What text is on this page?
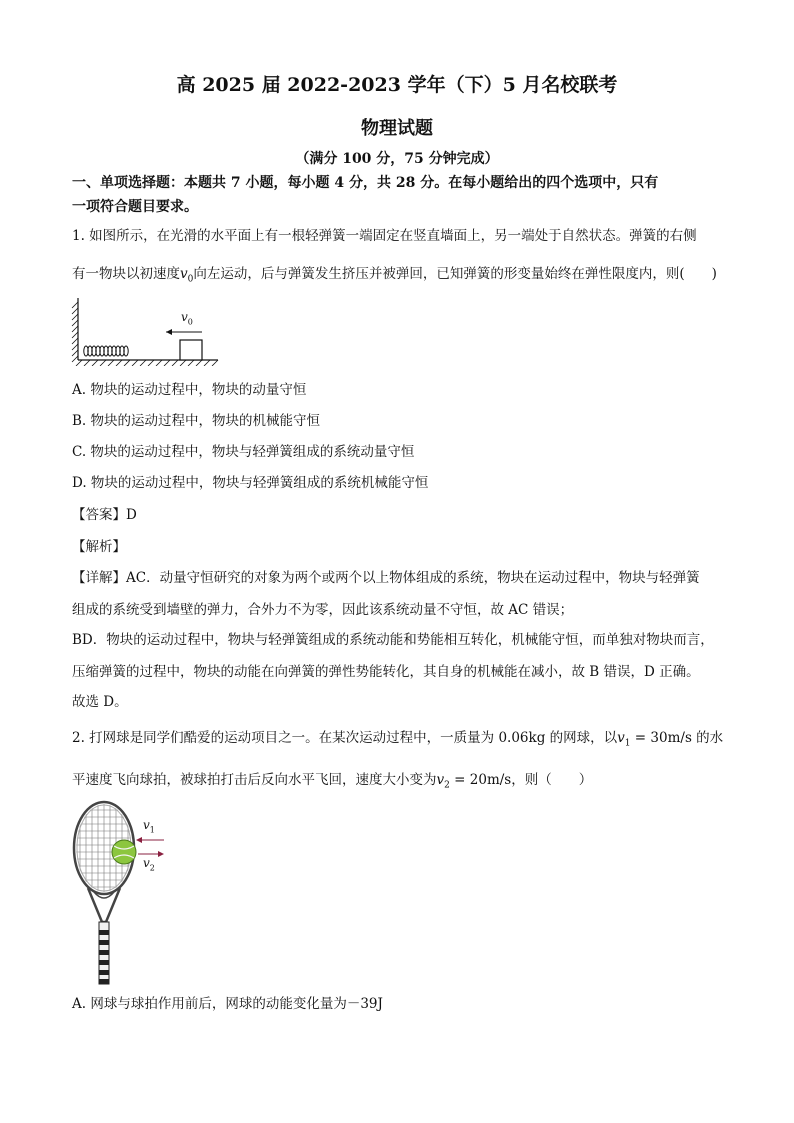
高 2025 届 2022-2023 学年（下）5 月名校联考
物理试题
（满分 100 分，75 分钟完成）
一、单项选择题：本题共 7 小题，每小题 4 分，共 28 分。在每小题给出的四个选项中，只有
一项符合题目要求。
1. 如图所示，在光滑的水平面上有一根轻弹簧一端固定在竖直墙面上，另一端处于自然状态。弹簧的右侧
有一物块以初速度$v_0$向左运动，后与弹簧发生挤压并被弹回，已知弹簧的形变量始终在弹性限度内，则(　　)
$v_0$
A. 物块的运动过程中，物块的动量守恒
B. 物块的运动过程中，物块的机械能守恒
C. 物块的运动过程中，物块与轻弹簧组成的系统动量守恒
D. 物块的运动过程中，物块与轻弹簧组成的系统机械能守恒
【答案】D
【解析】
【详解】AC．动量守恒研究的对象为两个或两个以上物体组成的系统，物块在运动过程中，物块与轻弹簧
组成的系统受到墙壁的弹力，合外力不为零，因此该系统动量不守恒，故 AC 错误；
BD．物块的运动过程中，物块与轻弹簧组成的系统动能和势能相互转化，机械能守恒，而单独对物块而言，
压缩弹簧的过程中，物块的动能在向弹簧的弹性势能转化，其自身的机械能在减小，故 B 错误，D 正确。
故选 D。
2. 打网球是同学们酷爱的运动项目之一。在某次运动过程中，一质量为 0.06kg 的网球，以$v_1 = 30m/s$ 的水
平速度飞向球拍，被球拍打击后反向水平飞回，速度大小变为$v_2 = 20m/s$，则（　　）
$v_1$
$v_2$
A. 网球与球拍作用前后，网球的动能变化量为－39J
